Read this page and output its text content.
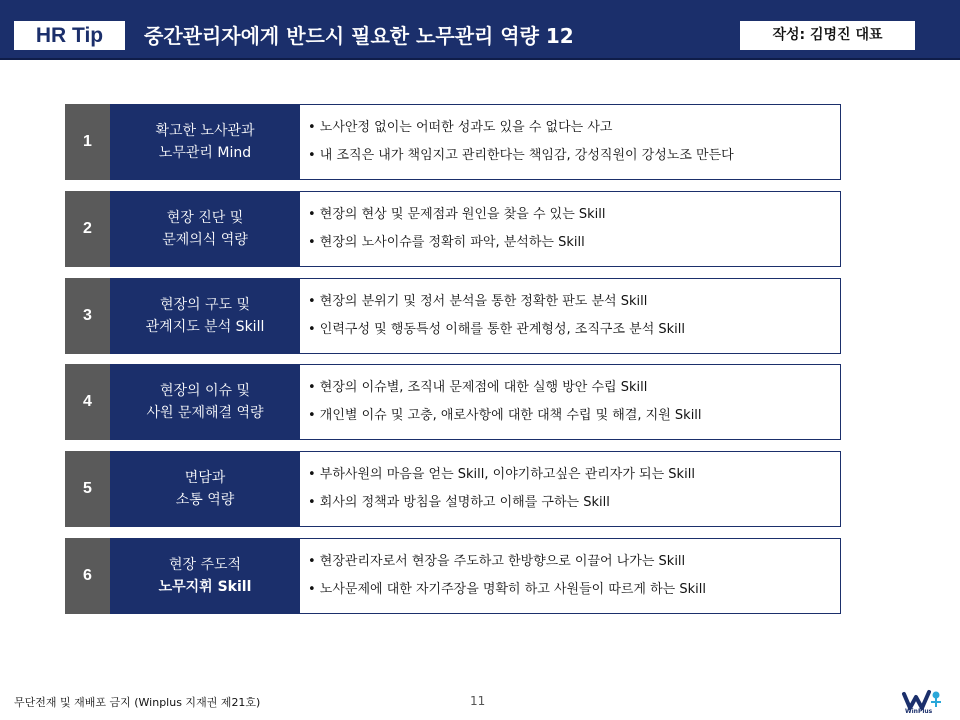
HR Tip	중간관리자에게 반드시 필요한 노무관리 역량 12	작성: 김명진 대표
1
확고한 노사관과
노무관리 Mind
• 노사안정 없이는 어떠한 성과도 있을 수 없다는 사고
• 내 조직은 내가 책임지고 관리한다는 책임감, 강성직원이 강성노조 만든다
2
현장 진단 및
문제의식 역량
• 현장의 현상 및 문제점과 원인을 찾을 수 있는 Skill
• 현장의 노사이슈를 정확히 파악, 분석하는 Skill
3
현장의 구도 및
관계지도 분석 Skill
• 현장의 분위기 및 정서 분석을 통한 정확한 판도 분석 Skill
• 인력구성 및 행동특성 이해를 통한 관계형성, 조직구조 분석 Skill
4
현장의 이슈 및
사원 문제해결 역량
• 현장의 이슈별, 조직내 문제점에 대한 실행 방안 수립 Skill
• 개인별 이슈 및 고충, 애로사항에 대한 대책 수립 및 해결, 지원 Skill
5
면담과
소통 역량
• 부하사원의 마음을 얻는 Skill, 이야기하고싶은 관리자가 되는 Skill
• 회사의 정책과 방침을 설명하고 이해를 구하는 Skill
6
현장 주도적
노무지휘 Skill
• 현장관리자로서 현장을 주도하고 한방향으로 이끌어 나가는 Skill
• 노사문제에 대한 자기주장을 명확히 하고 사원들이 따르게 하는 Skill
무단전재 및 재배포 금지 (Winplus 지재권 제21호)	11
WinPlus
